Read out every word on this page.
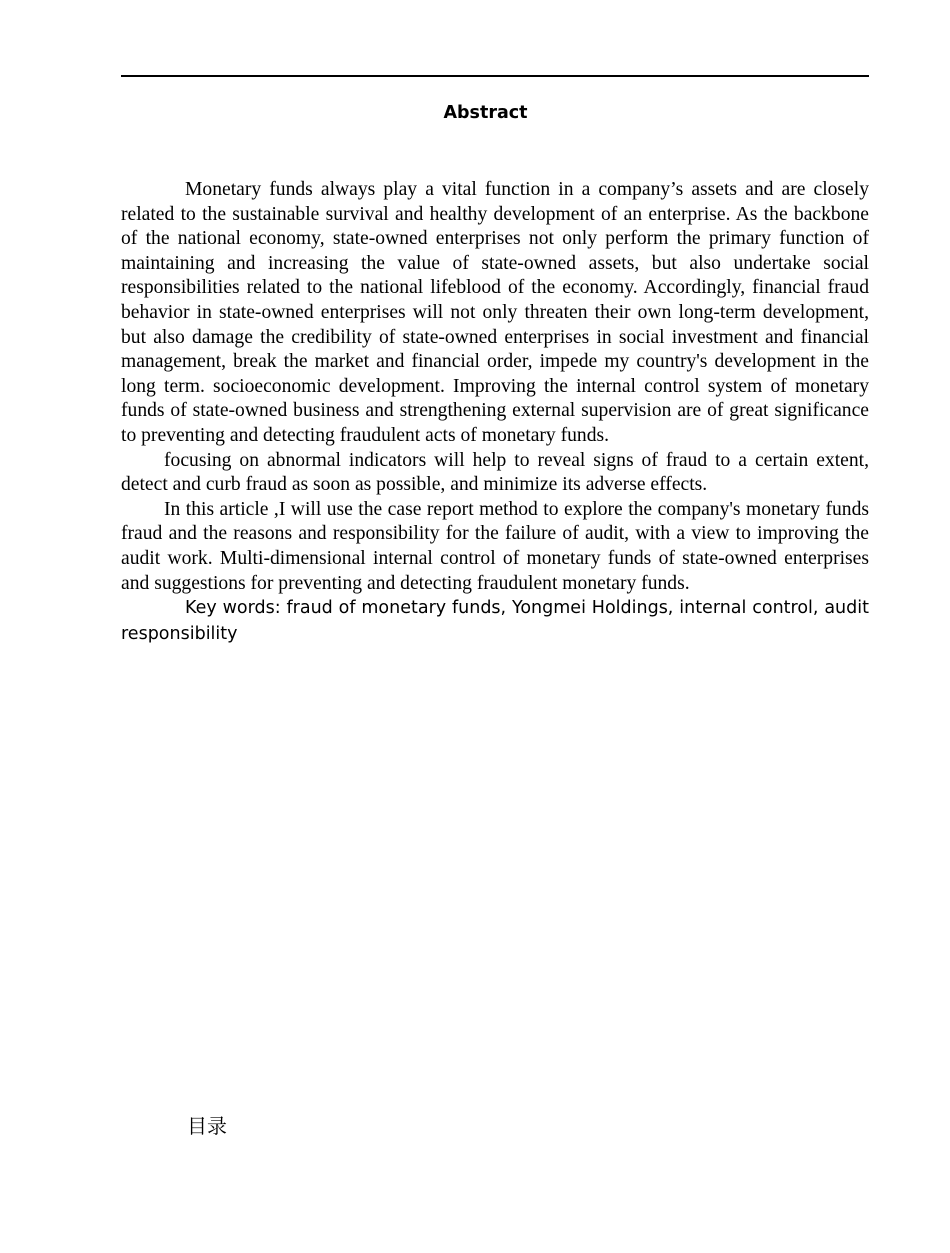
Abstract

Monetary funds always play a vital function in a company’s assets and are closely related to the sustainable survival and healthy development of an enterprise. As the backbone of the national economy, state-owned enterprises not only perform the primary function of maintaining and increasing the value of state-owned assets, but also undertake social responsibilities related to the national lifeblood of the economy. Accordingly, financial fraud behavior in state-owned enterprises will not only threaten their own long-term development, but also damage the credibility of state-owned enterprises in social investment and financial management, break the market and financial order, impede my country's development in the long term. socioeconomic development. Improving the internal control system of monetary funds of state-owned business and strengthening external supervision are of great significance to preventing and detecting fraudulent acts of monetary funds.

focusing on abnormal indicators will help to reveal signs of fraud to a certain extent, detect and curb fraud as soon as possible, and minimize its adverse effects.

In this article ,I will use the case report method to explore the company's monetary funds fraud and the reasons and responsibility for the failure of audit, with a view to improving the audit work. Multi-dimensional internal control of monetary funds of state-owned enterprises and suggestions for preventing and detecting fraudulent monetary funds.

Key words: fraud of monetary funds, Yongmei Holdings, internal control, audit responsibility

目录
